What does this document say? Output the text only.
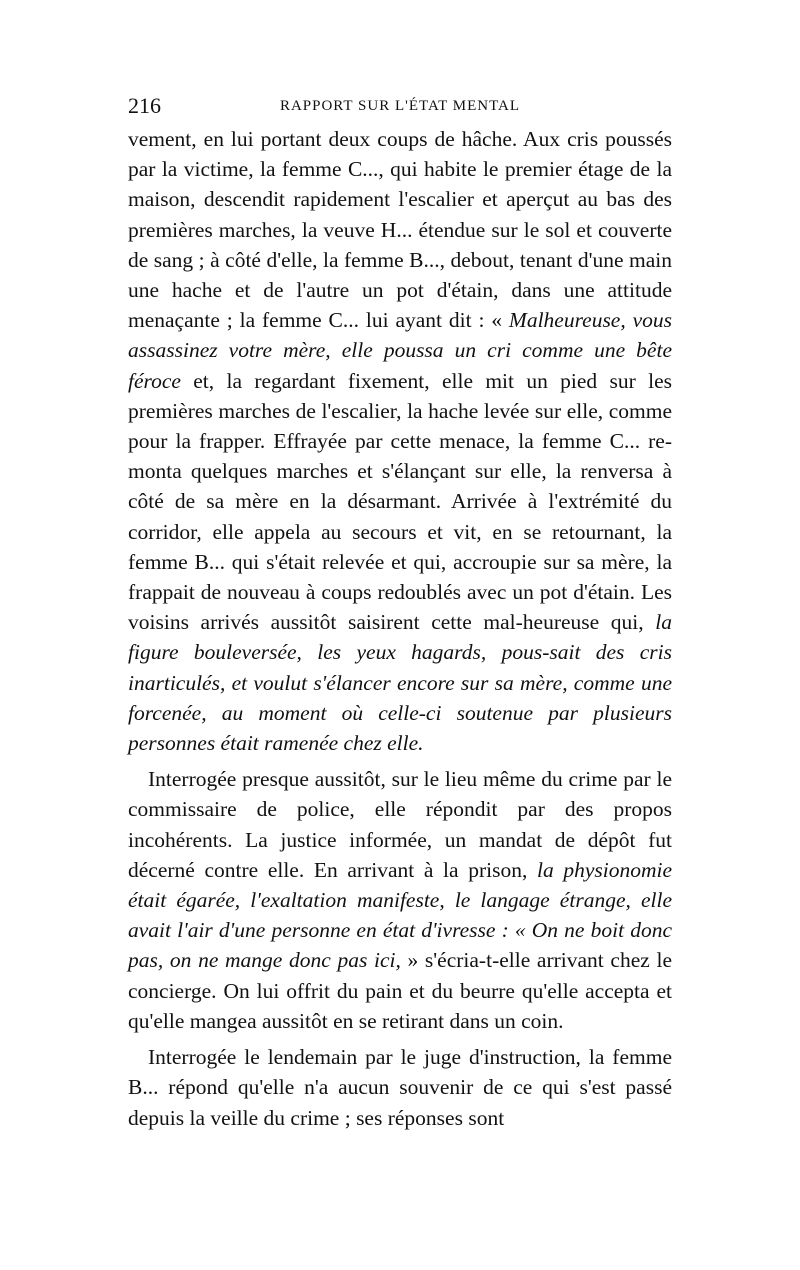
216	RAPPORT SUR L'ÉTAT MENTAL

vement, en lui portant deux coups de hâche. Aux cris poussés par la victime, la femme C..., qui habite le premier étage de la maison, descendit rapidement l'escalier et aperçut au bas des premières marches, la veuve H... étendue sur le sol et couverte de sang ; à côté d'elle, la femme B..., debout, tenant d'une main une hache et de l'autre un pot d'étain, dans une attitude menaçante ; la femme C... lui ayant dit : « Malheureuse, vous assassinez votre mère, elle poussa un cri comme une bête féroce et, la regardant fixement, elle mit un pied sur les premières marches de l'escalier, la hache levée sur elle, comme pour la frapper. Effrayée par cette menace, la femme C... re-monta quelques marches et s'élançant sur elle, la renversa à côté de sa mère en la désarmant. Arrivée à l'extrémité du corridor, elle appela au secours et vit, en se retournant, la femme B... qui s'était relevée et qui, accroupie sur sa mère, la frappait de nouveau à coups redoublés avec un pot d'étain. Les voisins arrivés aussitôt saisirent cette mal-heureuse qui, la figure bouleversée, les yeux hagards, pous-sait des cris inarticulés, et voulut s'élancer encore sur sa mère, comme une forcenée, au moment où celle-ci soutenue par plusieurs personnes était ramenée chez elle.

Interrogée presque aussitôt, sur le lieu même du crime par le commissaire de police, elle répondit par des propos incohérents. La justice informée, un mandat de dépôt fut décerné contre elle. En arrivant à la prison, la physionomie était égarée, l'exaltation manifeste, le langage étrange, elle avait l'air d'une personne en état d'ivresse : « On ne boit donc pas, on ne mange donc pas ici, » s'écria-t-elle arrivant chez le concierge. On lui offrit du pain et du beurre qu'elle accepta et qu'elle mangea aussitôt en se retirant dans un coin.

Interrogée le lendemain par le juge d'instruction, la femme B... répond qu'elle n'a aucun souvenir de ce qui s'est passé depuis la veille du crime ; ses réponses sont
